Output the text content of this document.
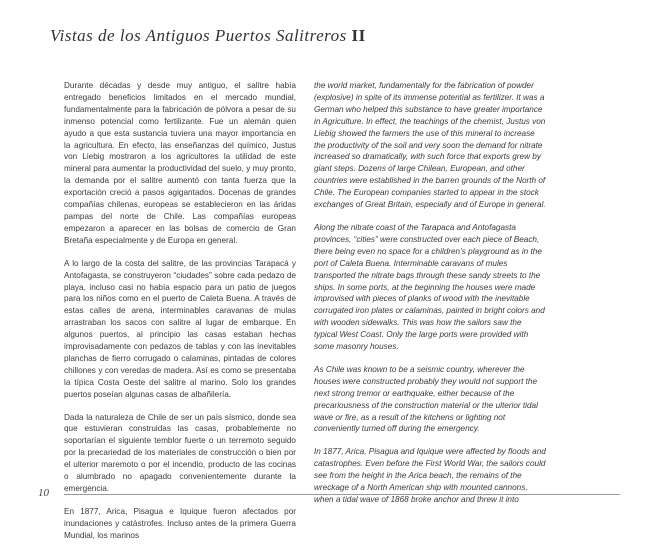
Vistas de los Antiguos Puertos Salitreros II

Durante décadas y desde muy antiguo, el salitre había entregado beneficios limitados en el mercado mundial, fundamentalmente para la fabricación de pólvora a pesar de su inmenso potencial como fertilizante. Fue un alemán quien ayudo a que esta sustancia tuviera una mayor importancia en la agricultura. En efecto, las enseñanzas del químico, Justus von Liebig mostraron a los agricultores la utilidad de este mineral para aumentar la productividad del suelo, y muy pronto, la demanda por el salitre aumentó con tanta fuerza que la exportación creció a pasos agigantados. Docenas de grandes compañías chilenas, europeas se establecieron en las áridas pampas del norte de Chile. Las compañías europeas empezaron a aparecer en las bolsas de comercio de Gran Bretaña especialmente y de Europa en general.

A lo largo de la costa del salitre, de las provincias Tarapacá y Antofagasta, se construyeron “ciudades” sobre cada pedazo de playa, incluso casi no había espacio para un patio de juegos para los niños como en el puerto de Caleta Buena. A través de estas calles de arena, interminables caravanas de mulas arrastraban los sacos con salitre al lugar de embarque. En algunos puertos, al principio las casas estaban hechas improvisadamente con pedazos de tablas y con las inevitables planchas de fierro corrugado o calaminas, pintadas de colores chillones y con veredas de madera. Así es como se presentaba la típica Costa Oeste del salitre al marino. Solo los grandes puertos poseían algunas casas de albañilería.

Dada la naturaleza de Chile de ser un país sísmico, donde sea que estuvieran construidas las casas, probablemente no soportarían el siguiente temblor fuerte o un terremoto seguido por la precariedad de los materiales de construcción o bien por el ulterior maremoto o por el incendio, producto de las cocinas o alumbrado no apagado convenientemente durante la emergencia.

En 1877, Arica, Pisagua e Iquique fueron afectados por inundaciones y catástrofes. Incluso antes de la primera Guerra Mundial, los marinos

the world market, fundamentally for the fabrication of powder (explosive) in spite of its immense potential as fertilizer. It was a German who helped this substance to have greater importance in Agriculture. In effect, the teachings of the chemist, Justus von Liebig showed the farmers the use of this mineral to increase the productivity of the soil and very soon the demand for nitrate increased so dramatically, with such force that exports grew by giant steps. Dozens of large Chilean, European, and other countries were established in the barren grounds of the North of Chile. The European companies started to appear in the stock exchanges of Great Britain, especially and of Europe in general.

Along the nitrate coast of the Tarapaca and Antofagasta provinces, “cities” were constructed over each piece of Beach, there being even no space for a children’s playground as in the port of Caleta Buena. Interminable caravans of mules transported the nitrate bags through these sandy streets to the ships. In some ports, at the beginning the houses were made improvised with pieces of planks of wood with the inevitable corrugated iron plates or calaminas, painted in bright colors and with wooden sidewalks. This was how the sailors saw the typical West Coast. Only the large ports were provided with some masonry houses.

As Chile was known to be a seismic country, wherever the houses were constructed probably they would not support the next strong tremor or earthquake, either because of the precariousness of the construction material or the ulterior tidal wave or fire, as a result of the kitchens or lighting not conveniently turned off during the emergency.

In 1877, Arica, Pisagua and Iquique were affected by floods and catastrophes. Even before the First World War, the sailors could see from the height in the Arica beach, the remains of the wreckage of a North American ship with mounted cannons, when a tidal wave of 1868 broke anchor and threw it into

10
